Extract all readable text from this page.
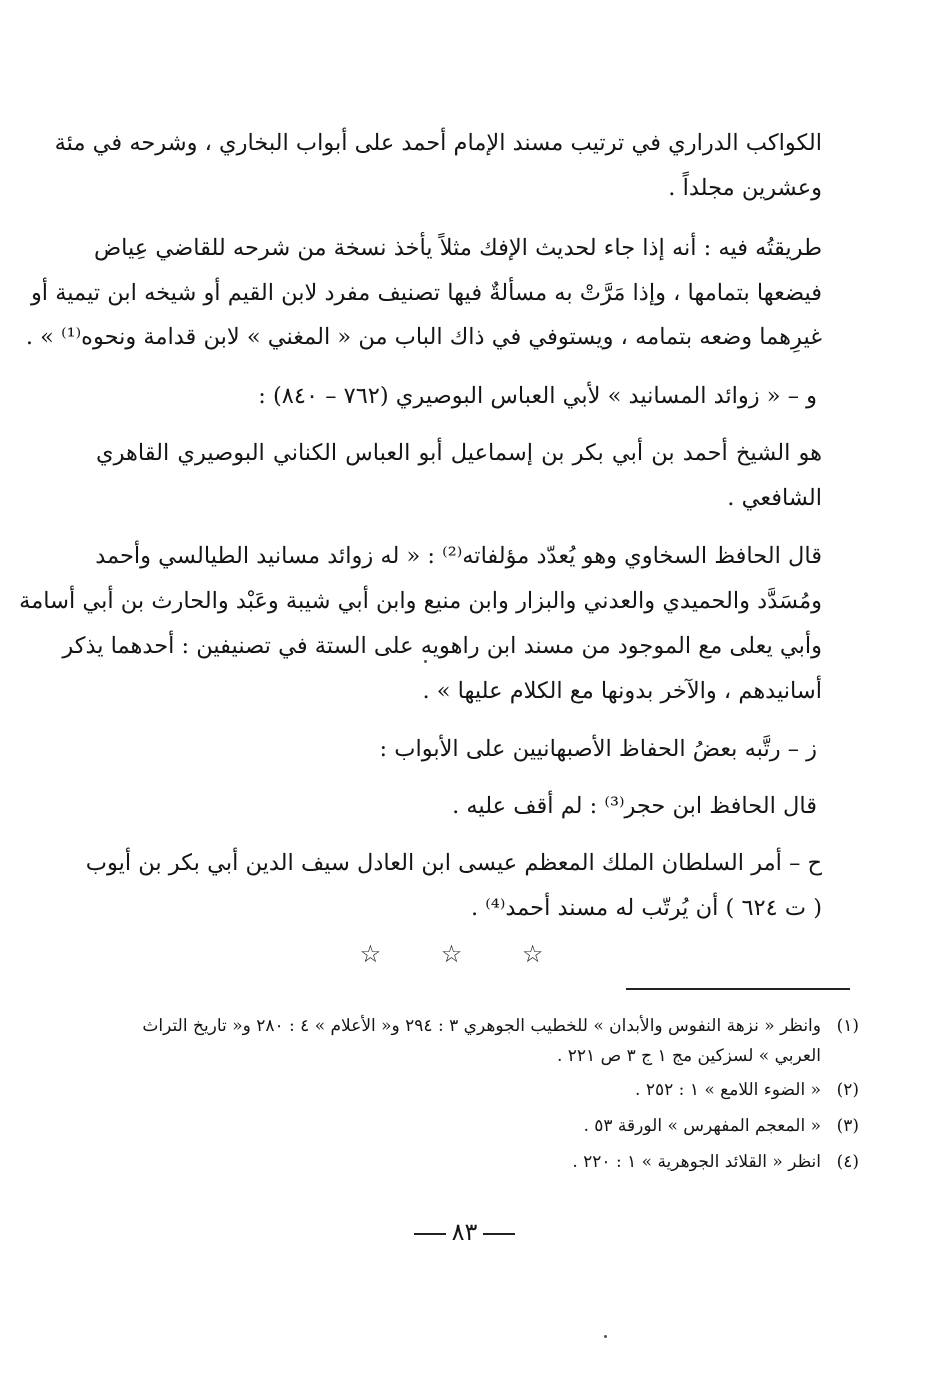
الكواكب الدراري في ترتيب مسند الإمام أحمد على أبواب البخاري ، وشرحه في مئة
وعشرين مجلداً .
طريقتُه فيه : أنه إذا جاء لحديث الإفك مثلاً يأخذ نسخة من شرحه للقاضي عِياض
فيضعها بتمامها ، وإذا مَرَّتْ به مسألةٌ فيها تصنيف مفرد لابن القيم أو شيخه ابن تيمية أو
غيرِهما وضعه بتمامه ، ويستوفي في ذاك الباب من « المغني » لابن قدامة ونحوه⁽¹⁾ » .
و – « زوائد المسانيد » لأبي العباس البوصيري (٧٦٢ – ٨٤٠) :
هو الشيخ أحمد بن أبي بكر بن إسماعيل أبو العباس الكناني البوصيري القاهري
الشافعي .
قال الحافظ السخاوي وهو يُعدّد مؤلفاته⁽²⁾ : « له زوائد مسانيد الطيالسي وأحمد
ومُسَدَّد والحميدي والعدني والبزار وابن منيع وابن أبي شيبة وعَبْد والحارث بن أبي أسامة
وأبي يعلى مع الموجود من مسند ابن راهويه على الستة في تصنيفين : أحدهما يذكر
أسانيدهم ، والآخر بدونها مع الكلام عليها » .
ز – رتَّبه بعضُ الحفاظ الأصبهانيين على الأبواب :
قال الحافظ ابن حجر⁽³⁾ : لم أقف عليه .
ح – أمر السلطان الملك المعظم عيسى ابن العادل سيف الدين أبي بكر بن أيوب
( ت ٦٢٤ ) أن يُرتّب له مسند أحمد⁽⁴⁾ .
☆ ☆ ☆
(١)وانظر « نزهة النفوس والأبدان » للخطيب الجوهري ٣ : ٢٩٤ و« الأعلام » ٤ : ٢٨٠ و« تاريخ التراث
العربي » لسزكين مج ١ ج ٣ ص ٢٢١ .
(٢)« الضوء اللامع » ١ : ٢٥٢ .
(٣)« المعجم المفهرس » الورقة ٥٣ .
(٤)انظر « القلائد الجوهرية » ١ : ٢٢٠ .
٨٣
